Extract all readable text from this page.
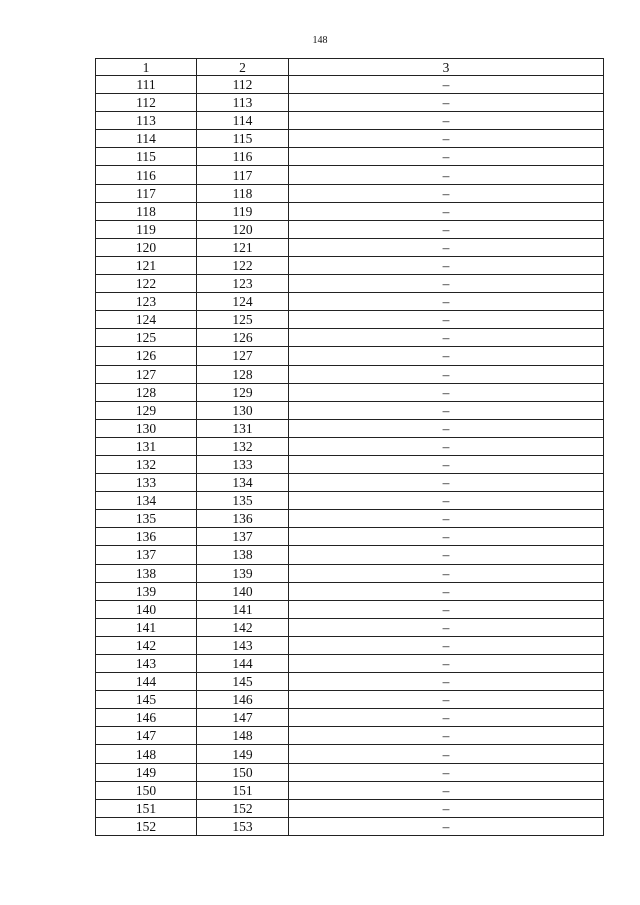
148
1	2	3
111	112	–
112	113	–
113	114	–
114	115	–
115	116	–
116	117	–
117	118	–
118	119	–
119	120	–
120	121	–
121	122	–
122	123	–
123	124	–
124	125	–
125	126	–
126	127	–
127	128	–
128	129	–
129	130	–
130	131	–
131	132	–
132	133	–
133	134	–
134	135	–
135	136	–
136	137	–
137	138	–
138	139	–
139	140	–
140	141	–
141	142	–
142	143	–
143	144	–
144	145	–
145	146	–
146	147	–
147	148	–
148	149	–
149	150	–
150	151	–
151	152	–
152	153	–
